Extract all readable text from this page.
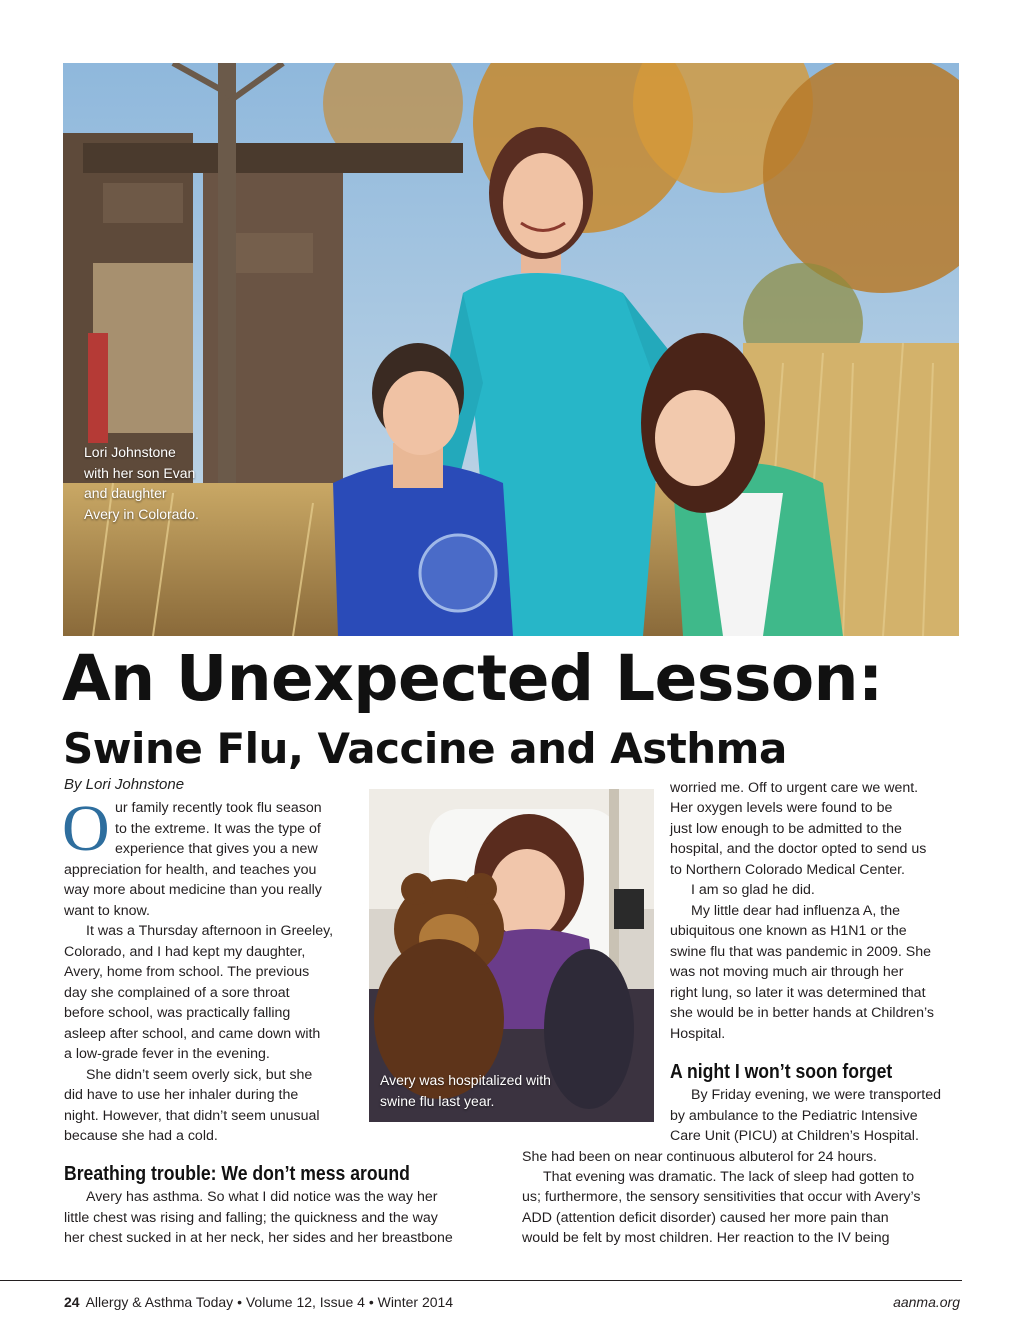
Lori Johnstone
with her son Evan
and daughter
Avery in Colorado.
An Unexpected Lesson:
Swine Flu, Vaccine and Asthma
By Lori Johnstone
O ur family recently took flu season
to the extreme. It was the type of
experience that gives you a new
appreciation for health, and teaches you
way more about medicine than you really
want to know.
It was a Thursday afternoon in Greeley,
Colorado, and I had kept my daughter,
Avery, home from school. The previous
day she complained of a sore throat
before school, was practically falling
asleep after school, and came down with
a low-grade fever in the evening.
She didn’t seem overly sick, but she
did have to use her inhaler during the
night. However, that didn’t seem unusual
because she had a cold.
Breathing trouble: We don’t mess around
Avery has asthma. So what I did notice was the way her
little chest was rising and falling; the quickness and the way
her chest sucked in at her neck, her sides and her breastbone
Avery was hospitalized with
swine flu last year.
worried me. Off to urgent care we went.
Her oxygen levels were found to be
just low enough to be admitted to the
hospital, and the doctor opted to send us
to Northern Colorado Medical Center.
I am so glad he did.
My little dear had influenza A, the
ubiquitous one known as H1N1 or the
swine flu that was pandemic in 2009. She
was not moving much air through her
right lung, so later it was determined that
she would be in better hands at Children’s
Hospital.
A night I won’t soon forget
By Friday evening, we were transported
by ambulance to the Pediatric Intensive
Care Unit (PICU) at Children’s Hospital.
She had been on near continuous albuterol for 24 hours.
That evening was dramatic. The lack of sleep had gotten to
us; furthermore, the sensory sensitivities that occur with Avery’s
ADD (attention deficit disorder) caused her more pain than
would be felt by most children. Her reaction to the IV being
24 Allergy & Asthma Today • Volume 12, Issue 4 • Winter 2014	aanma.org
